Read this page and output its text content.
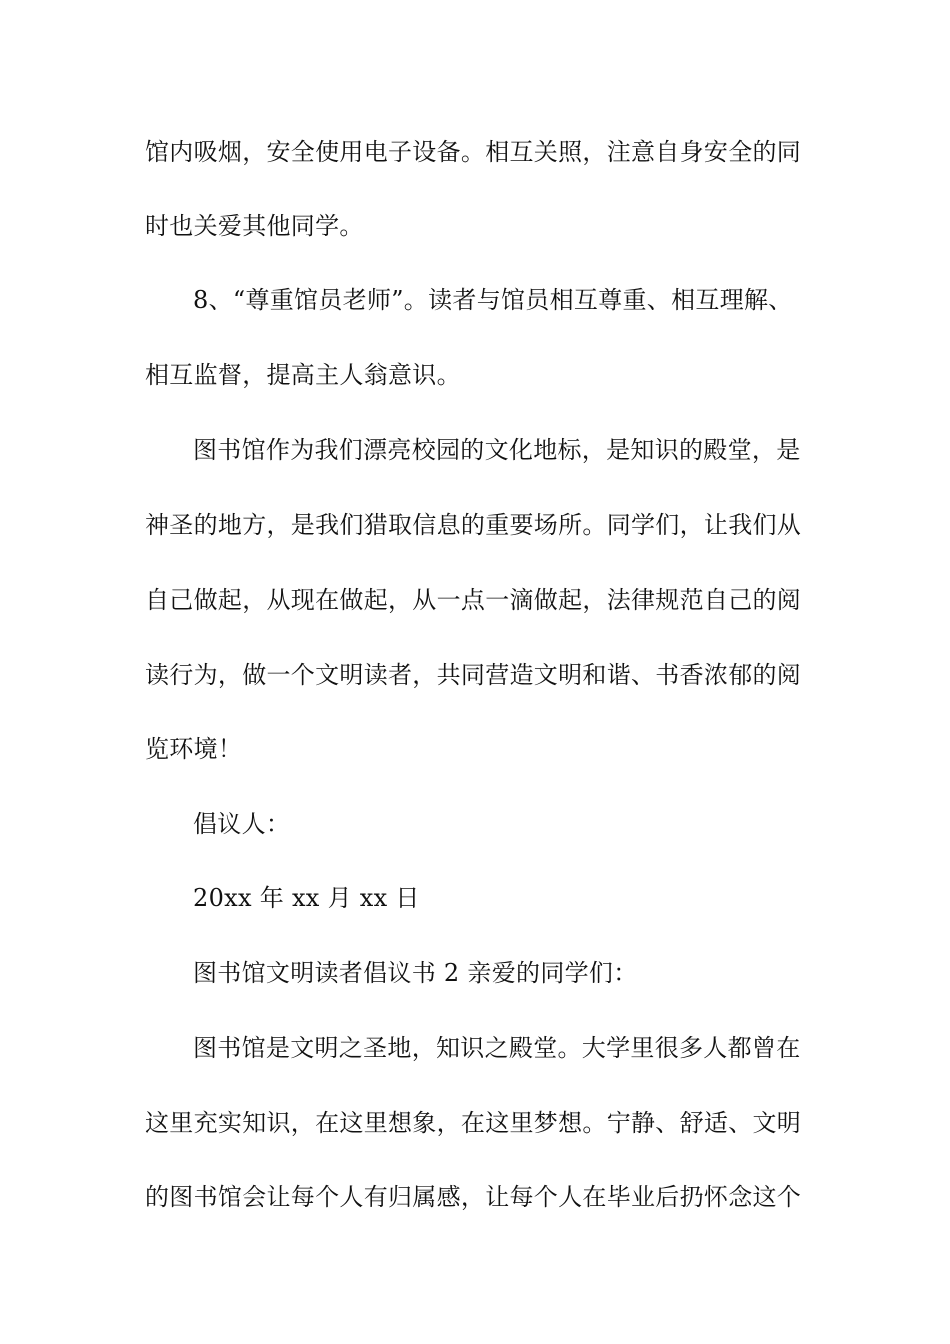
馆内吸烟，安全使用电子设备。相互关照，注意自身安全的同
时也关爱其他同学。
8、“尊重馆员老师”。读者与馆员相互尊重、相互理解、
相互监督，提高主人翁意识。
图书馆作为我们漂亮校园的文化地标，是知识的殿堂，是
神圣的地方，是我们猎取信息的重要场所。同学们，让我们从
自己做起，从现在做起，从一点一滴做起，法律规范自己的阅
读行为，做一个文明读者，共同营造文明和谐、书香浓郁的阅
览环境！
倡议人：
20xx 年 xx 月 xx 日
图书馆文明读者倡议书 2 亲爱的同学们：
图书馆是文明之圣地，知识之殿堂。大学里很多人都曾在
这里充实知识，在这里想象，在这里梦想。宁静、舒适、文明
的图书馆会让每个人有归属感，让每个人在毕业后扔怀念这个
